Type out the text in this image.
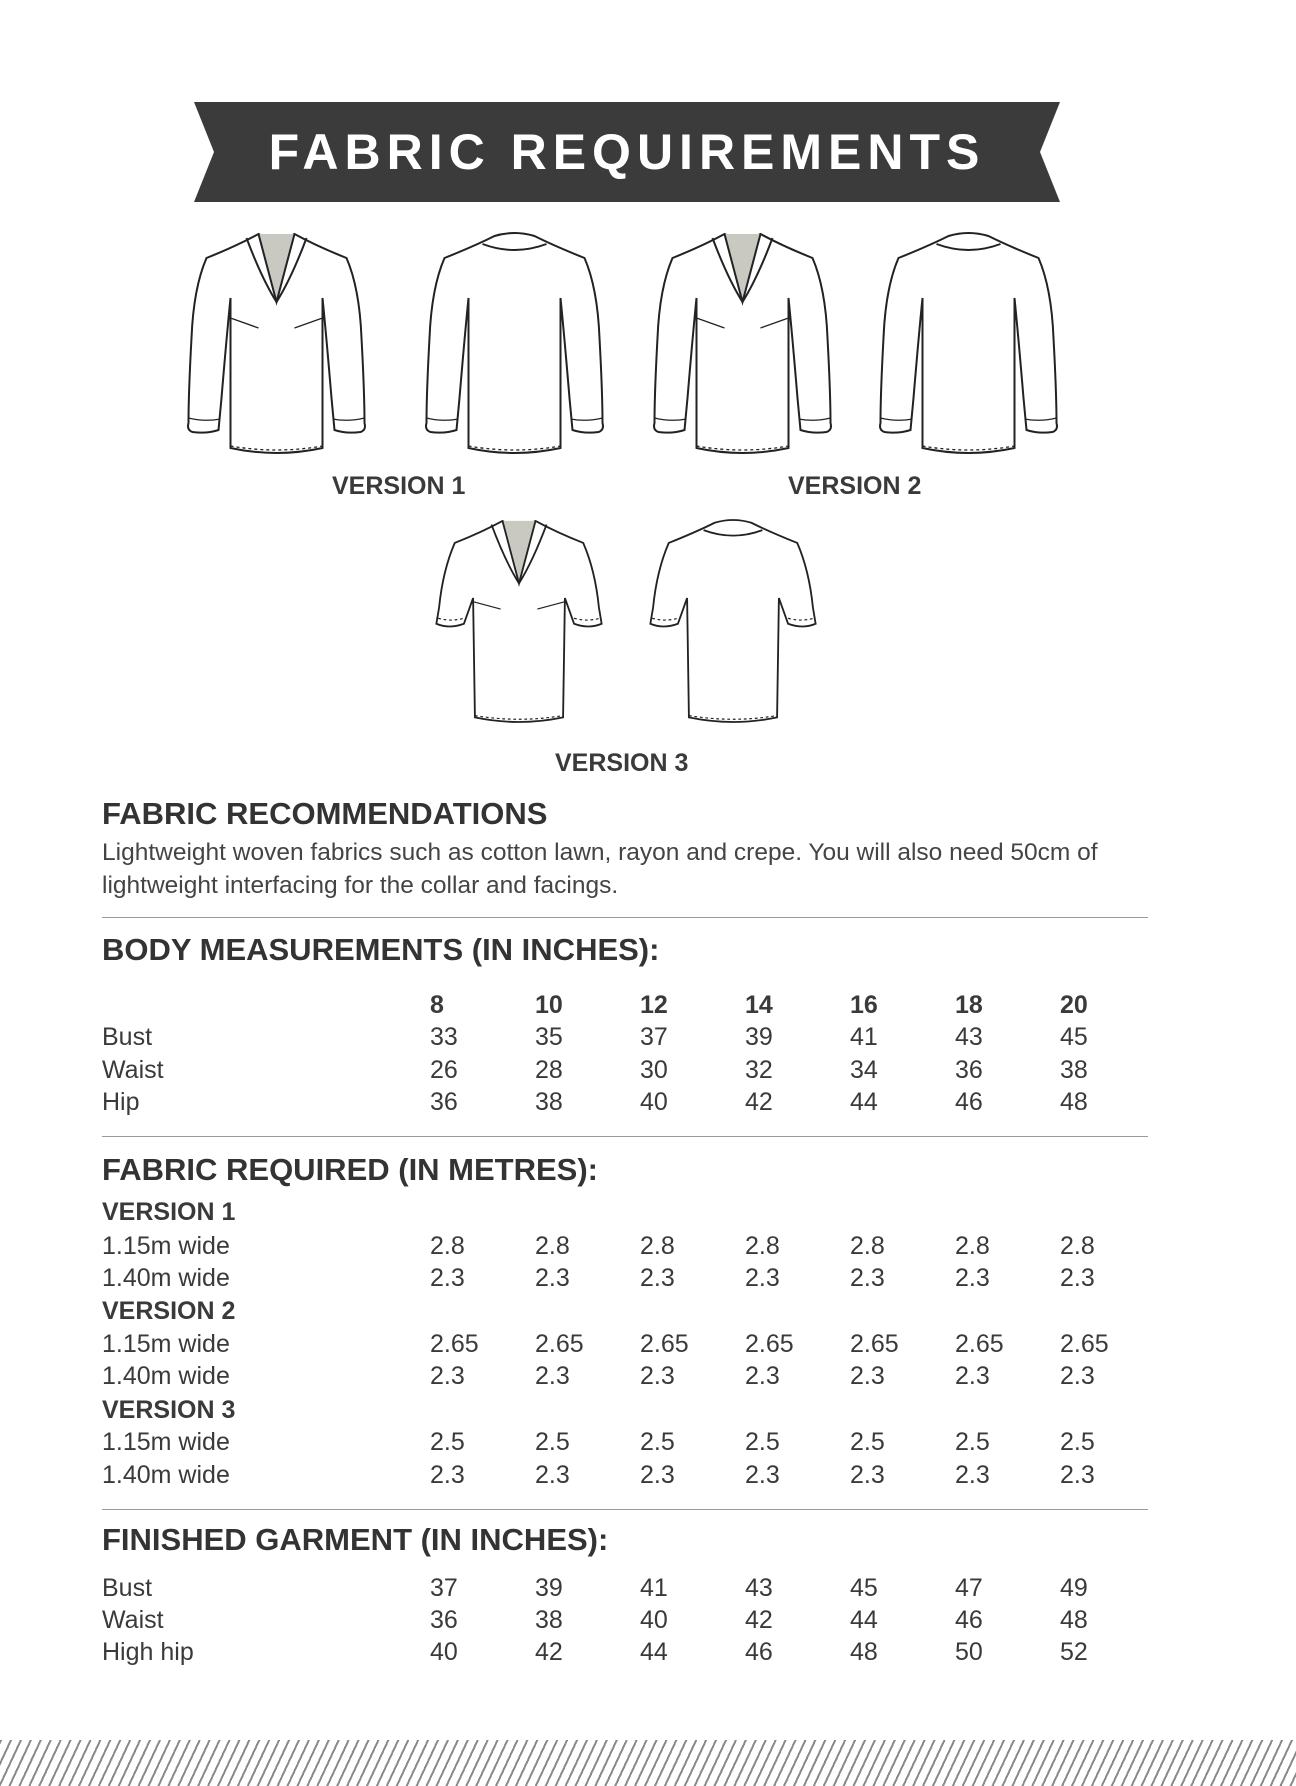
FABRIC REQUIREMENTS
VERSION 1	VERSION 2
VERSION 3
FABRIC RECOMMENDATIONS
Lightweight woven fabrics such as cotton lawn, rayon and crepe. You will also need 50cm of
lightweight interfacing for the collar and facings.
BODY MEASUREMENTS (IN INCHES):
8	10	12	14	16	18	20
Bust	33	35	37	39	41	43	45
Waist	26	28	30	32	34	36	38
Hip	36	38	40	42	44	46	48
FABRIC REQUIRED (IN METRES):
VERSION 1
1.15m wide	2.8	2.8	2.8	2.8	2.8	2.8	2.8
1.40m wide	2.3	2.3	2.3	2.3	2.3	2.3	2.3
VERSION 2
1.15m wide	2.65 2.65 2.65 2.65 2.65 2.65 2.65
1.40m wide	2.3	2.3	2.3	2.3	2.3	2.3	2.3
VERSION 3
1.15m wide	2.5	2.5	2.5	2.5	2.5	2.5	2.5
1.40m wide	2.3	2.3	2.3	2.3	2.3	2.3	2.3
FINISHED GARMENT (IN INCHES):
Bust	37	39	41	43	45	47	49
Waist	36	38	40	42	44	46	48
High hip	40	42	44	46	48	50	52
